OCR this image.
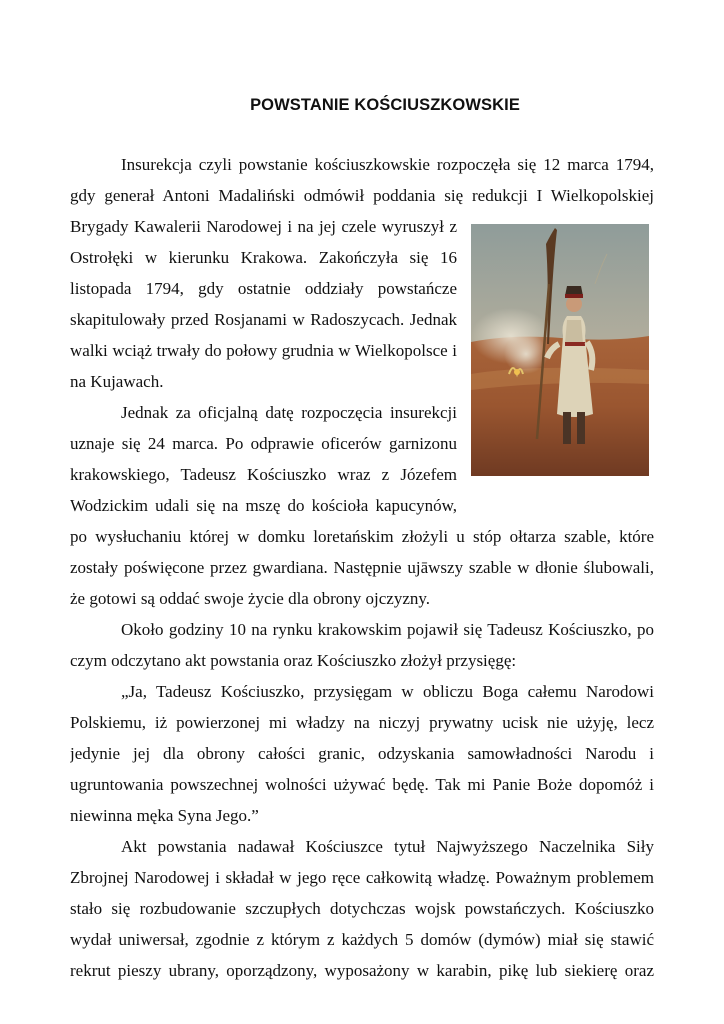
POWSTANIE KOŚCIUSZKOWSKIE
Insurekcja czyli powstanie kościuszkowskie rozpoczęła się 12 marca 1794,
gdy generał Antoni Madaliński odmówił poddania się redukcji I Wielkopolskiej
Brygady Kawalerii Narodowej i na jej czele wyruszył z
Ostrołęki w kierunku Krakowa. Zakończyła się 16
listopada 1794, gdy ostatnie oddziały powstańcze
skapitulowały przed Rosjanami w Radoszycach. Jednak
walki wciąż trwały do połowy grudnia w Wielkopolsce i
na Kujawach.
Jednak za oficjalną datę rozpoczęcia insurekcji
uznaje się 24 marca. Po odprawie oficerów garnizonu
krakowskiego, Tadeusz Kościuszko wraz z Józefem
Wodzickim udali się na mszę do kościoła kapucynów,
po wysłuchaniu której w domku loretańskim złożyli u stóp ołtarza szable, które
zostały poświęcone przez gwardiana. Następnie ujāwszy szable w dłonie ślubowali,
że gotowi są oddać swoje życie dla obrony ojczyzny.
Około godziny 10 na rynku krakowskim pojawił się Tadeusz Kościuszko, po
czym odczytano akt powstania oraz Kościuszko złożył przysięgę:
„Ja, Tadeusz Kościuszko, przysięgam w obliczu Boga całemu Narodowi
Polskiemu, iż powierzonej mi władzy na niczyj prywatny ucisk nie użyję, lecz
jedynie jej dla obrony całości granic, odzyskania samowładności Narodu i
ugruntowania powszechnej wolności używać będę. Tak mi Panie Boże dopomóż i
niewinna męka Syna Jego.”
Akt powstania nadawał Kościuszce tytuł Najwyższego Naczelnika Siły
Zbrojnej Narodowej i składał w jego ręce całkowitą władzę. Poważnym problemem
stało się rozbudowanie szczupłych dotychczas wojsk powstańczych. Kościuszko
wydał uniwersał, zgodnie z którym z każdych 5 domów (dymów) miał się stawić
rekrut pieszy ubrany, oporządzony, wyposażony w karabin, pikę lub siekierę oraz
